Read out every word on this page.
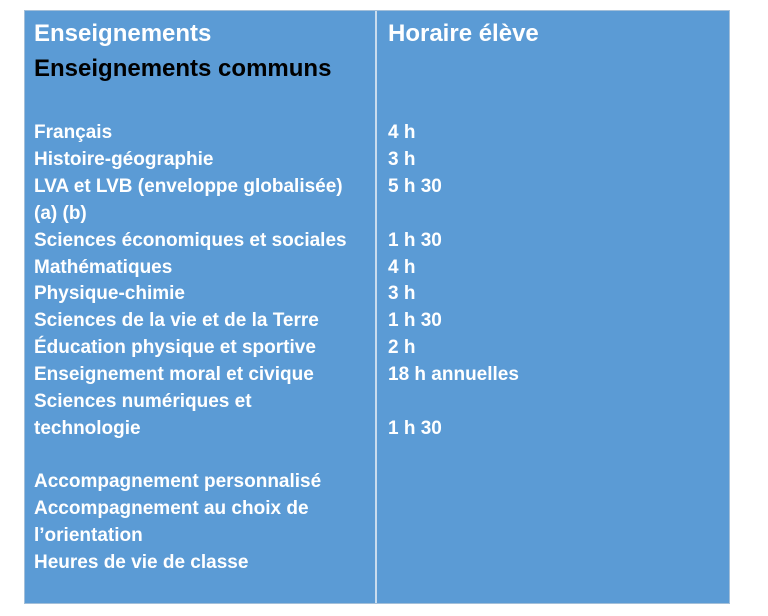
Enseignements
Enseignements communs
Français
Histoire-géographie
LVA et LVB (enveloppe globalisée)
(a) (b)
Sciences économiques et sociales
Mathématiques
Physique-chimie
Sciences de la vie et de la Terre
Éducation physique et sportive
Enseignement moral et civique
Sciences numériques et
technologie
Accompagnement personnalisé
Accompagnement au choix de
l’orientation
Heures de vie de classe
Horaire élève
4 h
3 h
5 h 30
1 h 30
4 h
3 h
1 h 30
2 h
18 h annuelles
1 h 30
